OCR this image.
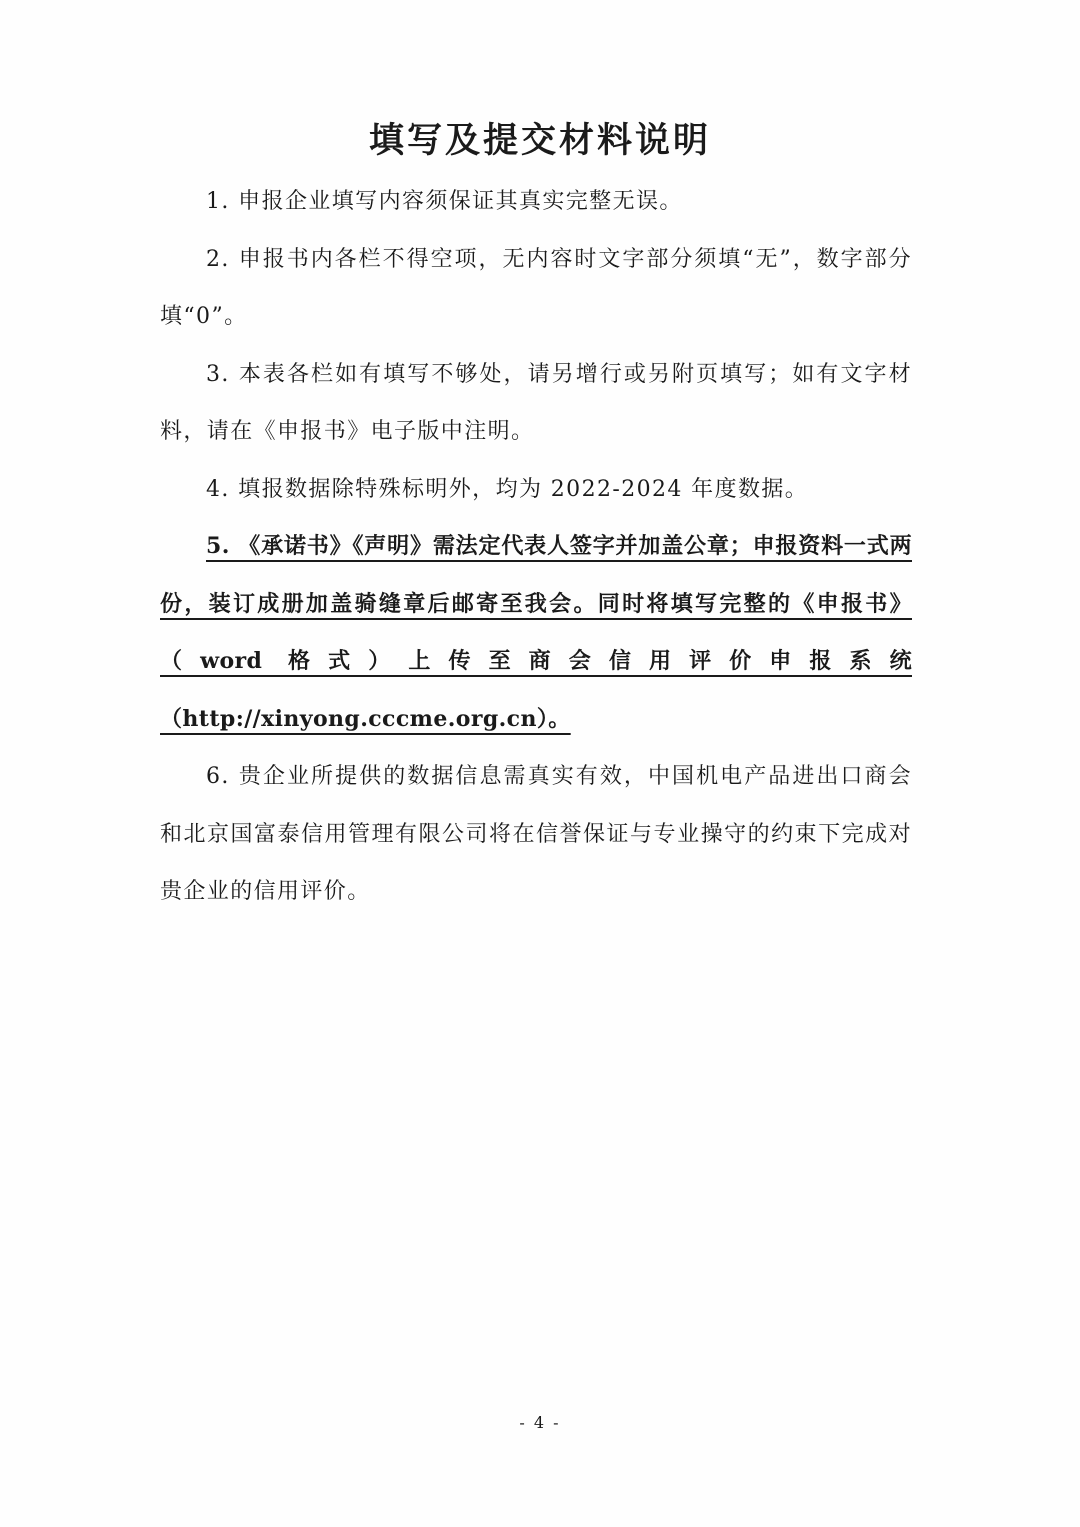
填写及提交材料说明

1. 申报企业填写内容须保证其真实完整无误。

2. 申报书内各栏不得空项，无内容时文字部分须填“无”，数字部分填“0”。

3. 本表各栏如有填写不够处，请另增行或另附页填写；如有文字材料，请在《申报书》电子版中注明。

4. 填报数据除特殊标明外，均为 2022-2024 年度数据。

5. 《承诺书》《声明》需法定代表人签字并加盖公章；申报资料一式两份，装订成册加盖骑缝章后邮寄至我会。同时将填写完整的《申报书》（word 格式）上传至商会信用评价申报系统（http://xinyong.cccme.org.cn）。

6. 贵企业所提供的数据信息需真实有效，中国机电产品进出口商会和北京国富泰信用管理有限公司将在信誉保证与专业操守的约束下完成对贵企业的信用评价。

- 4 -
